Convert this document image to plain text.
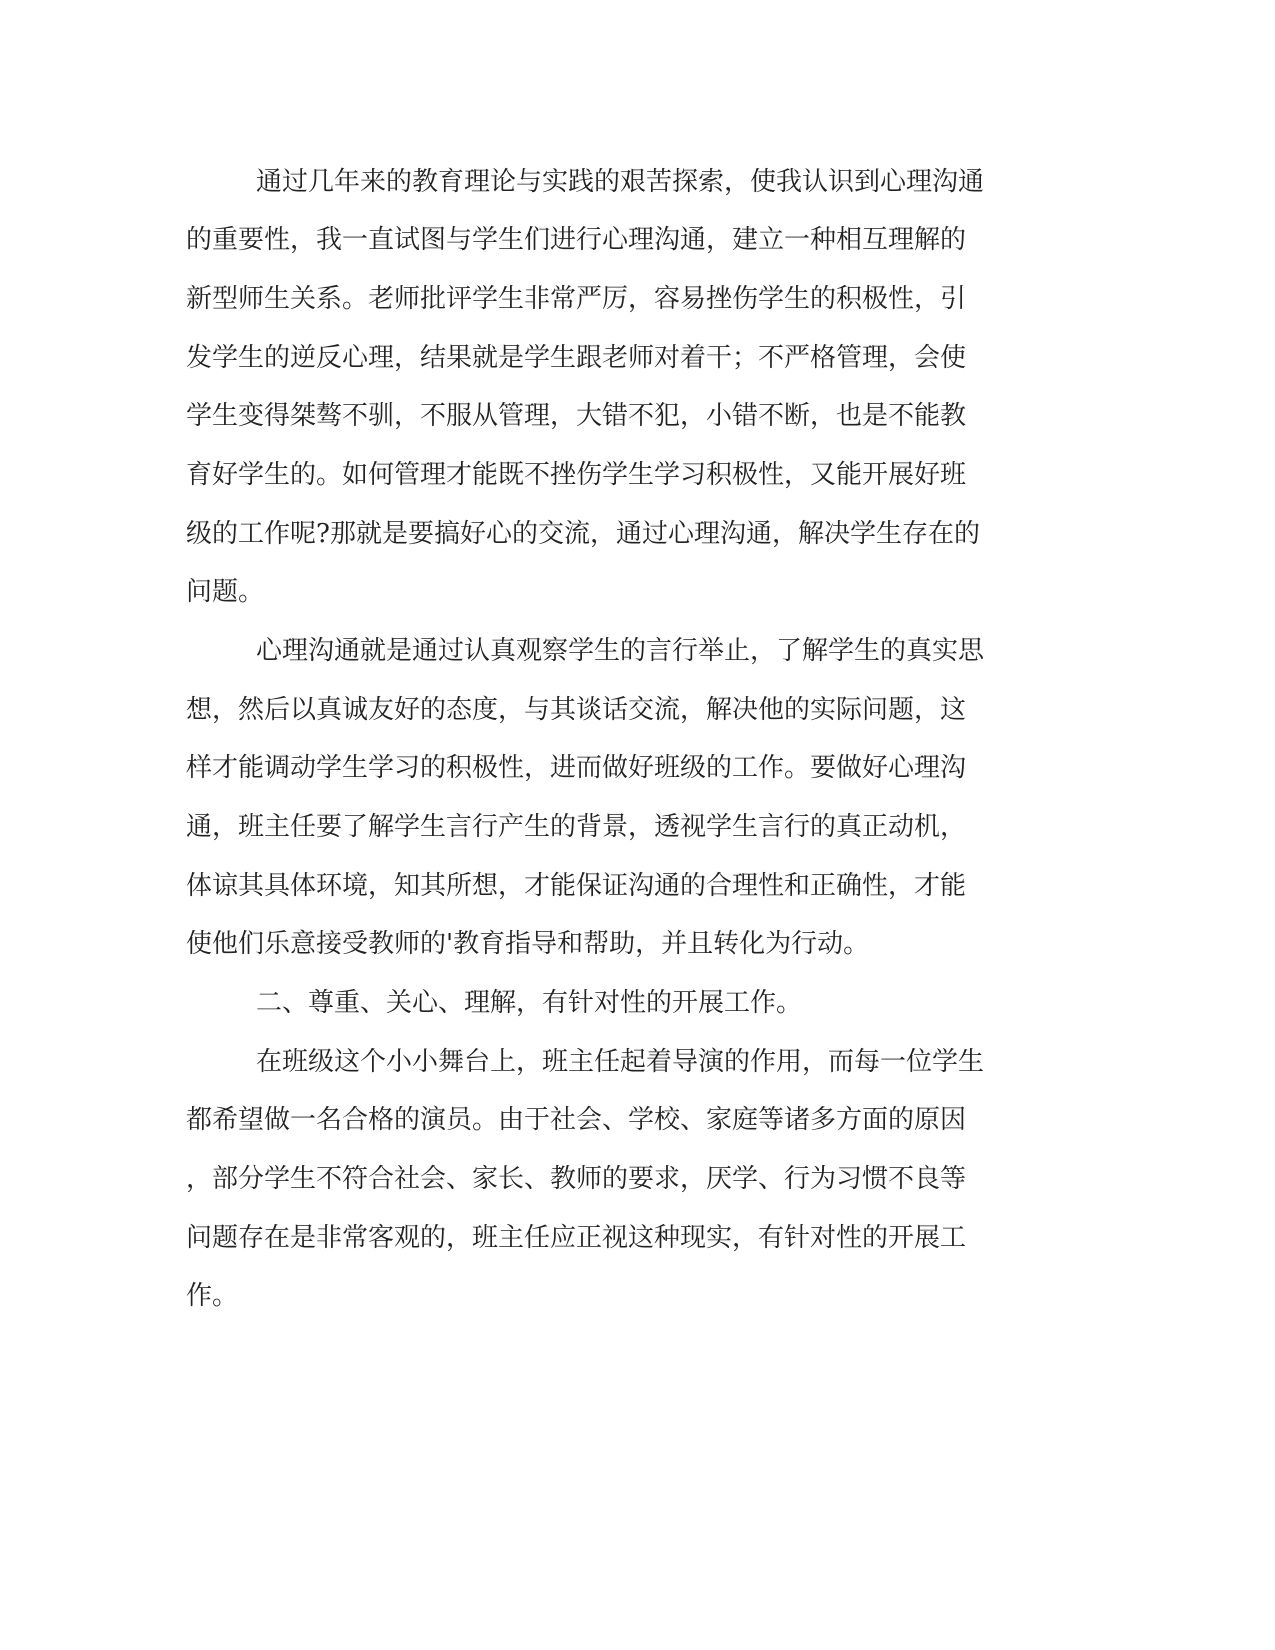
通过几年来的教育理论与实践的艰苦探索，使我认识到心理沟通

的重要性，我一直试图与学生们进行心理沟通，建立一种相互理解的

新型师生关系。老师批评学生非常严厉，容易挫伤学生的积极性，引

发学生的逆反心理，结果就是学生跟老师对着干；不严格管理，会使

学生变得桀骜不驯，不服从管理，大错不犯，小错不断，也是不能教

育好学生的。如何管理才能既不挫伤学生学习积极性，又能开展好班

级的工作呢?那就是要搞好心的交流，通过心理沟通，解决学生存在的

问题。

心理沟通就是通过认真观察学生的言行举止，了解学生的真实思

想，然后以真诚友好的态度，与其谈话交流，解决他的实际问题，这

样才能调动学生学习的积极性，进而做好班级的工作。要做好心理沟

通，班主任要了解学生言行产生的背景，透视学生言行的真正动机，

体谅其具体环境，知其所想，才能保证沟通的合理性和正确性，才能

使他们乐意接受教师的'教育指导和帮助，并且转化为行动。

二、尊重、关心、理解，有针对性的开展工作。

在班级这个小小舞台上，班主任起着导演的作用，而每一位学生

都希望做一名合格的演员。由于社会、学校、家庭等诸多方面的原因

，部分学生不符合社会、家长、教师的要求，厌学、行为习惯不良等

问题存在是非常客观的，班主任应正视这种现实，有针对性的开展工

作。
